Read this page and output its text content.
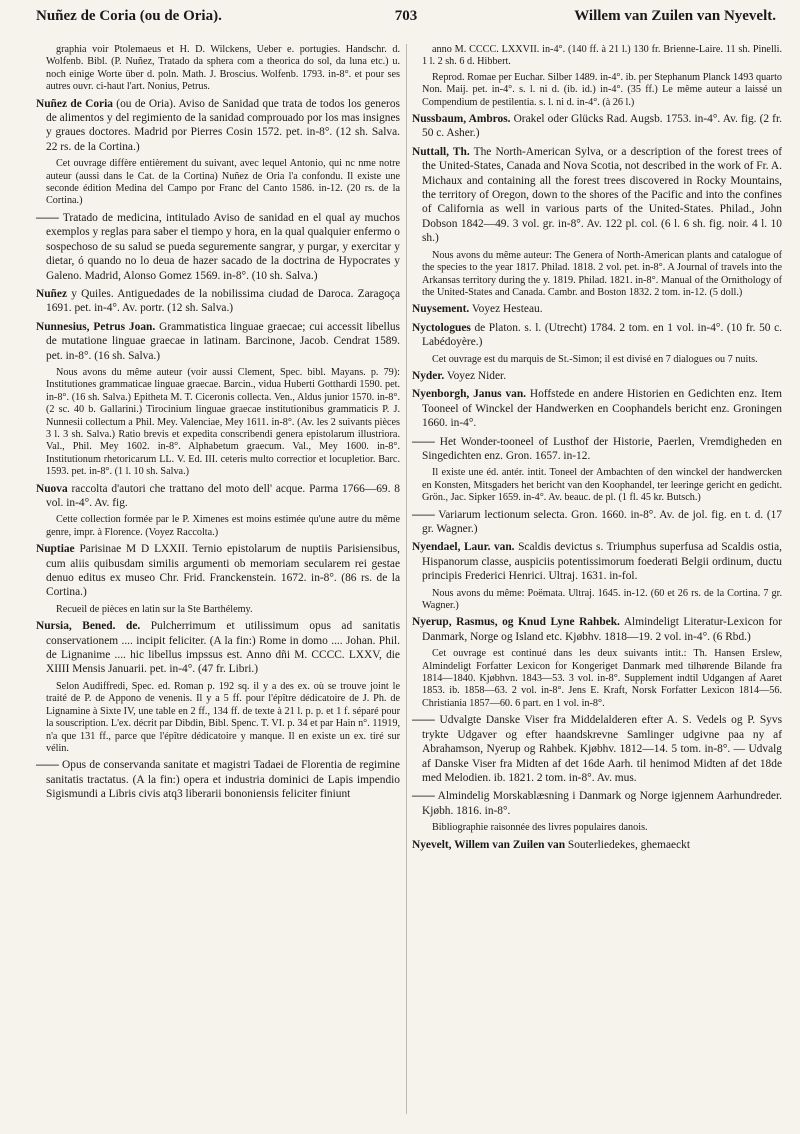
Nuñez de Coria (ou de Oria).	703	Willem van Zuilen van Nyevelt.

graphia voir Ptolemaeus et H. D. Wilckens, Ueber e. portugies. Handschr. d. Wolfenb. Bibl. (P. Nuñez, Tratado da sphera com a theorica do sol, da luna etc.) u. noch einige Worte über d. poln. Math. J. Broscius. Wolfenb. 1793. in-8°. et pour ses autres ouvr. ci-haut l'art. Nonius, Petrus.

Nuñez de Coria (ou de Oria). Aviso de Sanidad que trata de todos los generos de alimentos y del regimiento de la sanidad comprouado por los mas insignes y graues doctores. Madrid por Pierres Cosin 1572. pet. in-8°. (12 sh. Salva. 22 rs. de la Cortina.)

Cet ouvrage diffère entièrement du suivant, avec lequel Antonio, qui nc nme notre auteur (aussi dans le Cat. de la Cortina) Nuñez de Oria l'a confondu. Il existe une seconde édition Medina del Campo por Franc del Canto 1586. in-12. (20 rs. de la Cortina.)

—— Tratado de medicina, intitulado Aviso de sanidad en el qual ay muchos exemplos y reglas para saber el tiempo y hora, en la qual qualquier enfermo o sospechoso de su salud se pueda seguremente sangrar, y purgar, y exercitar y dietar, ó quando no lo deua de hazer sacado de la doctrina de Hypocrates y Galeno. Madrid, Alonso Gomez 1569. in-8°. (10 sh. Salva.)

Nuñez y Quiles. Antiguedades de la nobilissima ciudad de Daroca. Zaragoça 1691. pet. in-4°. Av. portr. (12 sh. Salva.)

Nunnesius, Petrus Joan. Grammatistica linguae graecae; cui accessit libellus de mutatione linguae graecae in latinam. Barcinone, Jacob. Cendrat 1589. pet. in-8°. (16 sh. Salva.)

Nous avons du même auteur (voir aussi Clement, Spec. bibl. Mayans. p. 79): Institutiones grammaticae linguae graecae. Barcin., vidua Huberti Gotthardi 1590. pet. in-8°. (16 sh. Salva.) Epitheta M. T. Ciceronis collecta. Ven., Aldus junior 1570. in-8°. (2 sc. 40 b. Gallarini.) Tirocinium linguae graecae institutionibus grammaticis P. J. Nunnesii collectum a Phil. Mey. Valenciae, Mey 1611. in-8°. (Av. les 2 suivants pièces 3 l. 3 sh. Salva.) Ratio brevis et expedita conscribendi genera epistolarum illustriora. Val., Phil. Mey 1602. in-8°. Alphabetum graecum. Val., Mey 1600. in-8°. Institutionum rhetoricarum LL. V. Ed. III. ceteris multo correctior et locupletior. Barc. 1593. pet. in-8°. (1 l. 10 sh. Salva.)

Nuova raccolta d'autori che trattano del moto dell' acque. Parma 1766—69. 8 vol. in-4°. Av. fig.

Cette collection formée par le P. Ximenes est moins estimée qu'une autre du même genre, impr. à Florence. (Voyez Raccolta.)

Nuptiae Parisinae M D LXXII. Ternio epistolarum de nuptiis Parisiensibus, cum aliis quibusdam similis argumenti ob memoriam secularem rei gestae denuo editus ex museo Chr. Frid. Franckenstein. 1672. in-8°. (86 rs. de la Cortina.)

Recueil de pièces en latin sur la Ste Barthélemy.

Nursia, Bened. de. Pulcherrimum et utilissimum opus ad sanitatis conservationem .... incipit feliciter. (A la fin:) Rome in domo .... Johan. Phil. de Lignanime .... hic libellus impssus est. Anno dñi M. CCCC. LXXV, die XIIII Mensis Januarii. pet. in-4°. (47 fr. Libri.)

Selon Audiffredi, Spec. ed. Roman p. 192 sq. il y a des ex. où se trouve joint le traité de P. de Appono de venenis. Il y a 5 ff. pour l'épître dédicatoire de J. Ph. de Lignamine à Sixte IV, une table en 2 ff., 134 ff. de texte à 21 l. p. p. et 1 f. séparé pour la souscription. L'ex. décrit par Dibdin, Bibl. Spenc. T. VI. p. 34 et par Hain n°. 11919, n'a que 131 ff., parce que l'épître dédicatoire y manque. Il en existe un ex. tiré sur vélin.

—— Opus de conservanda sanitate et magistri Tadaei de Florentia de regimine sanitatis tractatus. (A la fin:) opera et industria dominici de Lapis impendio Sigismundi a Libris civis atq3 liberarii bononiensis feliciter finiunt

anno M. CCCC. LXXVII. in-4°. (140 ff. à 21 l.) 130 fr. Brienne-Laire. 11 sh. Pinelli. 1 l. 2 sh. 6 d. Hibbert.

Reprod. Romae per Euchar. Silber 1489. in-4°. ib. per Stephanum Planck 1493 quarto Non. Maij. pet. in-4°. s. l. ni d. (ib. id.) in-4°. (35 ff.) Le même auteur a laissé un Compendium de pestilentia. s. l. ni d. in-4°. (à 26 l.)

Nussbaum, Ambros. Orakel oder Glücks Rad. Augsb. 1753. in-4°. Av. fig. (2 fr. 50 c. Asher.)

Nuttall, Th. The North-American Sylva, or a description of the forest trees of the United-States, Canada and Nova Scotia, not described in the work of Fr. A. Michaux and containing all the forest trees discovered in Rocky Mountains, the territory of Oregon, down to the shores of the Pacific and into the confines of California as well in various parts of the United-States. Philad., John Dobson 1842—49. 3 vol. gr. in-8°. Av. 122 pl. col. (6 l. 6 sh. fig. noir. 4 l. 10 sh.)

Nous avons du même auteur: The Genera of North-American plants and catalogue of the species to the year 1817. Philad. 1818. 2 vol. pet. in-8°. A Journal of travels into the Arkansas territory during the y. 1819. Philad. 1821. in-8°. Manual of the Ornithology of the United-States and Canada. Cambr. and Boston 1832. 2 tom. in-12. (5 doll.)

Nuysement. Voyez Hesteau.

Nyctologues de Platon. s. l. (Utrecht) 1784. 2 tom. en 1 vol. in-4°. (10 fr. 50 c. Labédoyère.)

Cet ouvrage est du marquis de St.-Simon; il est divisé en 7 dialogues ou 7 nuits.

Nyder. Voyez Nider.

Nyenborgh, Janus van. Hoffstede en andere Historien en Gedichten enz. Item Tooneel of Winckel der Handwerken en Coophandels bericht enz. Groningen 1660. in-4°.

—— Het Wonder-tooneel of Lusthof der Historie, Paerlen, Vremdigheden en Singedichten enz. Gron. 1657. in-12.

Il existe une éd. antér. intit. Toneel der Ambachten of den winckel der handwercken en Konsten, Mitsgaders het bericht van den Koophandel, ter leeringe gericht en gedicht. Grön., Jac. Sipker 1659. in-4°. Av. beauc. de pl. (1 fl. 45 kr. Butsch.)

—— Variarum lectionum selecta. Gron. 1660. in-8°. Av. de jol. fig. en t. d. (17 gr. Wagner.)

Nyendael, Laur. van. Scaldis devictus s. Triumphus superfusa ad Scaldis ostia, Hispanorum classe, auspiciis potentissimorum foederati Belgii ordinum, ductu principis Frederici Henrici. Ultraj. 1631. in-fol.

Nous avons du même: Poëmata. Ultraj. 1645. in-12. (60 et 26 rs. de la Cortina. 7 gr. Wagner.)

Nyerup, Rasmus, og Knud Lyne Rahbek. Almindeligt Literatur-Lexicon for Danmark, Norge og Island etc. Kjøbhv. 1818—19. 2 vol. in-4°. (6 Rbd.)

Cet ouvrage est continué dans les deux suivants intit.: Th. Hansen Erslew, Almindeligt Forfatter Lexicon for Kongeriget Danmark med tilhørende Bilande fra 1814—1840. Kjøbhvn. 1843—53. 3 vol. in-8°. Supplement indtil Udgangen af Aaret 1853. ib. 1858—63. 2 vol. in-8°. Jens E. Kraft, Norsk Forfatter Lexicon 1814—56. Christiania 1857—60. 6 part. en 1 vol. in-8°.

—— Udvalgte Danske Viser fra Middelalderen efter A. S. Vedels og P. Syvs trykte Udgaver og efter haandskrevne Samlinger udgivne paa ny af Abrahamson, Nyerup og Rahbek. Kjøbhv. 1812—14. 5 tom. in-8°. — Udvalg af Danske Viser fra Midten af det 16de Aarh. til henimod Midten af det 18de med Melodien. ib. 1821. 2 tom. in-8°. Av. mus.

—— Almindelig Morskablæsning i Danmark og Norge igjennem Aarhundreder. Kjøbh. 1816. in-8°.

Bibliographie raisonnée des livres populaires danois.

Nyevelt, Willem van Zuilen van Souterliedekes, ghemaeckt
